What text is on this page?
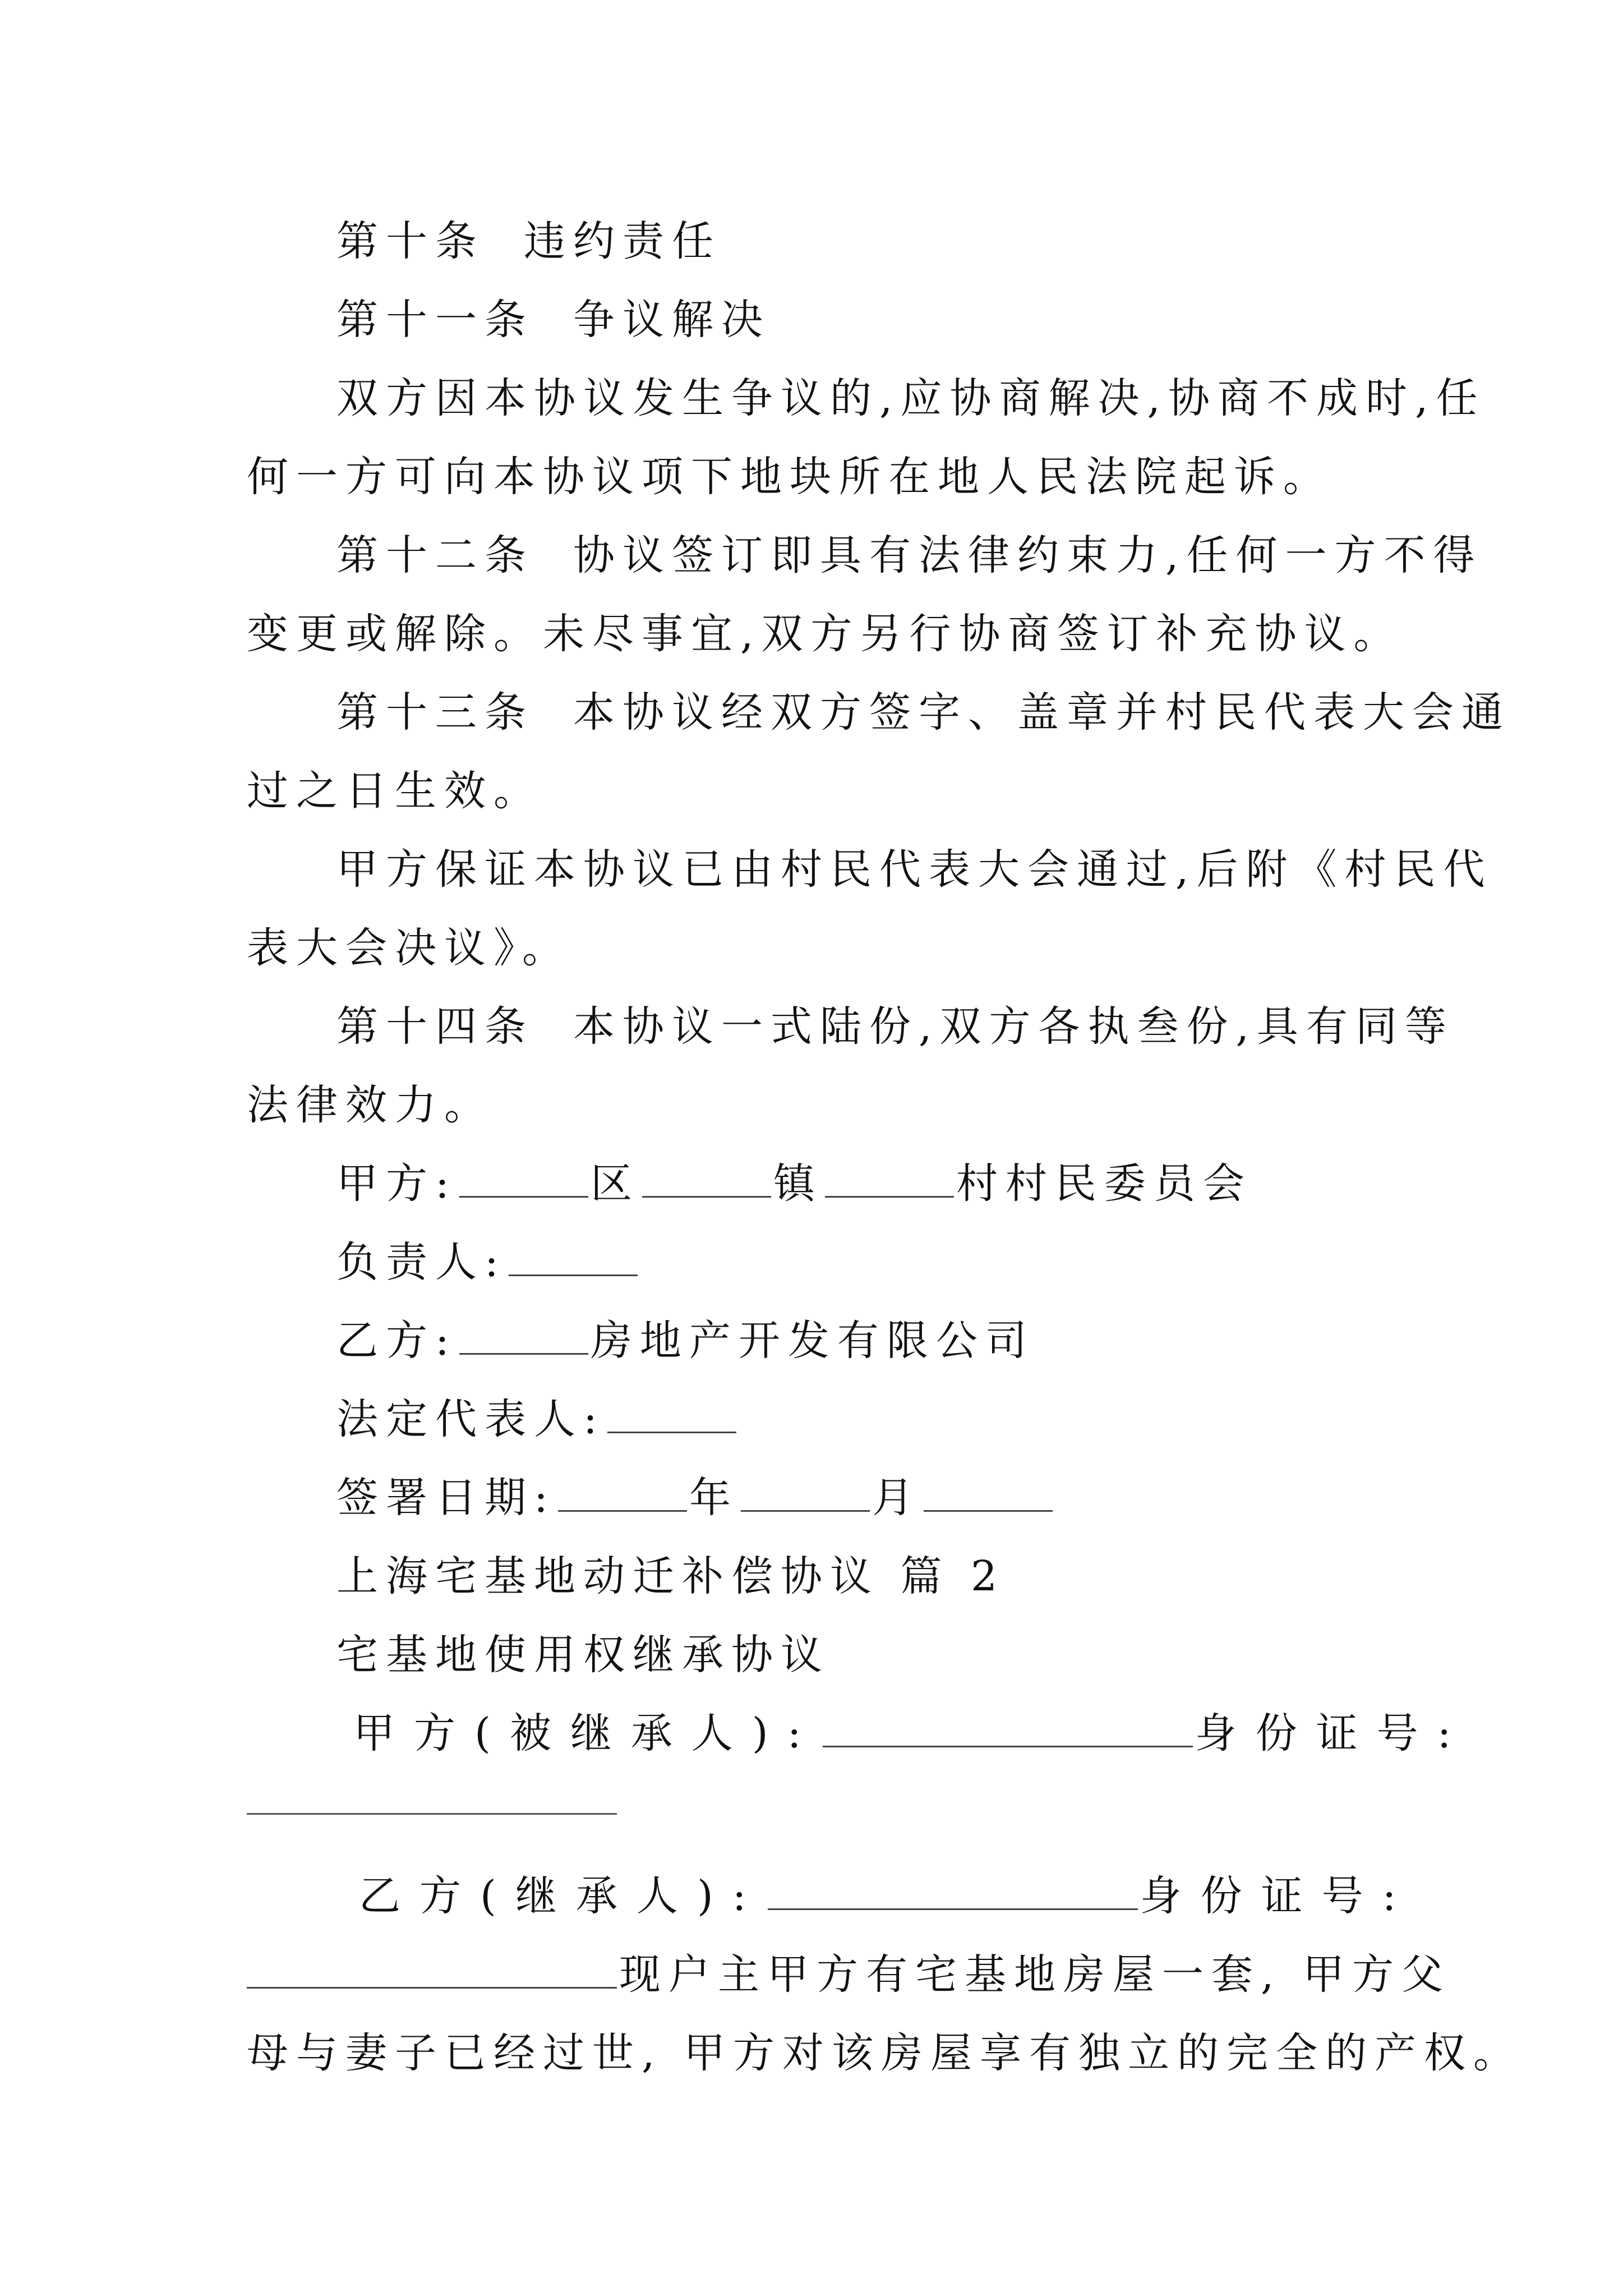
第十条 违约责任
第十一条 争议解决
双方因本协议发生争议的,应协商解决,协商不成时,任
何一方可向本协议项下地块所在地人民法院起诉。
第十二条 协议签订即具有法律约束力,任何一方不得
变更或解除。未尽事宜,双方另行协商签订补充协议。
第十三条 本协议经双方签字、盖章并村民代表大会通
过之日生效。
甲方保证本协议已由村民代表大会通过,后附《村民代
表大会决议》。
第十四条 本协议一式陆份,双方各执叁份,具有同等
法律效力。
甲方:	区	镇	村村民委员会
负责人:
乙方:	房地产开发有限公司
法定代表人:
签署日期:	年	月
上海宅基地动迁补偿协议 篇 2
宅基地使用权继承协议
甲方(被继承人):	身份证号:
乙方(继承人):	身份证号:
现户主甲方有宅基地房屋一套, 甲方父
母与妻子已经过世, 甲方对该房屋享有独立的完全的产权。
